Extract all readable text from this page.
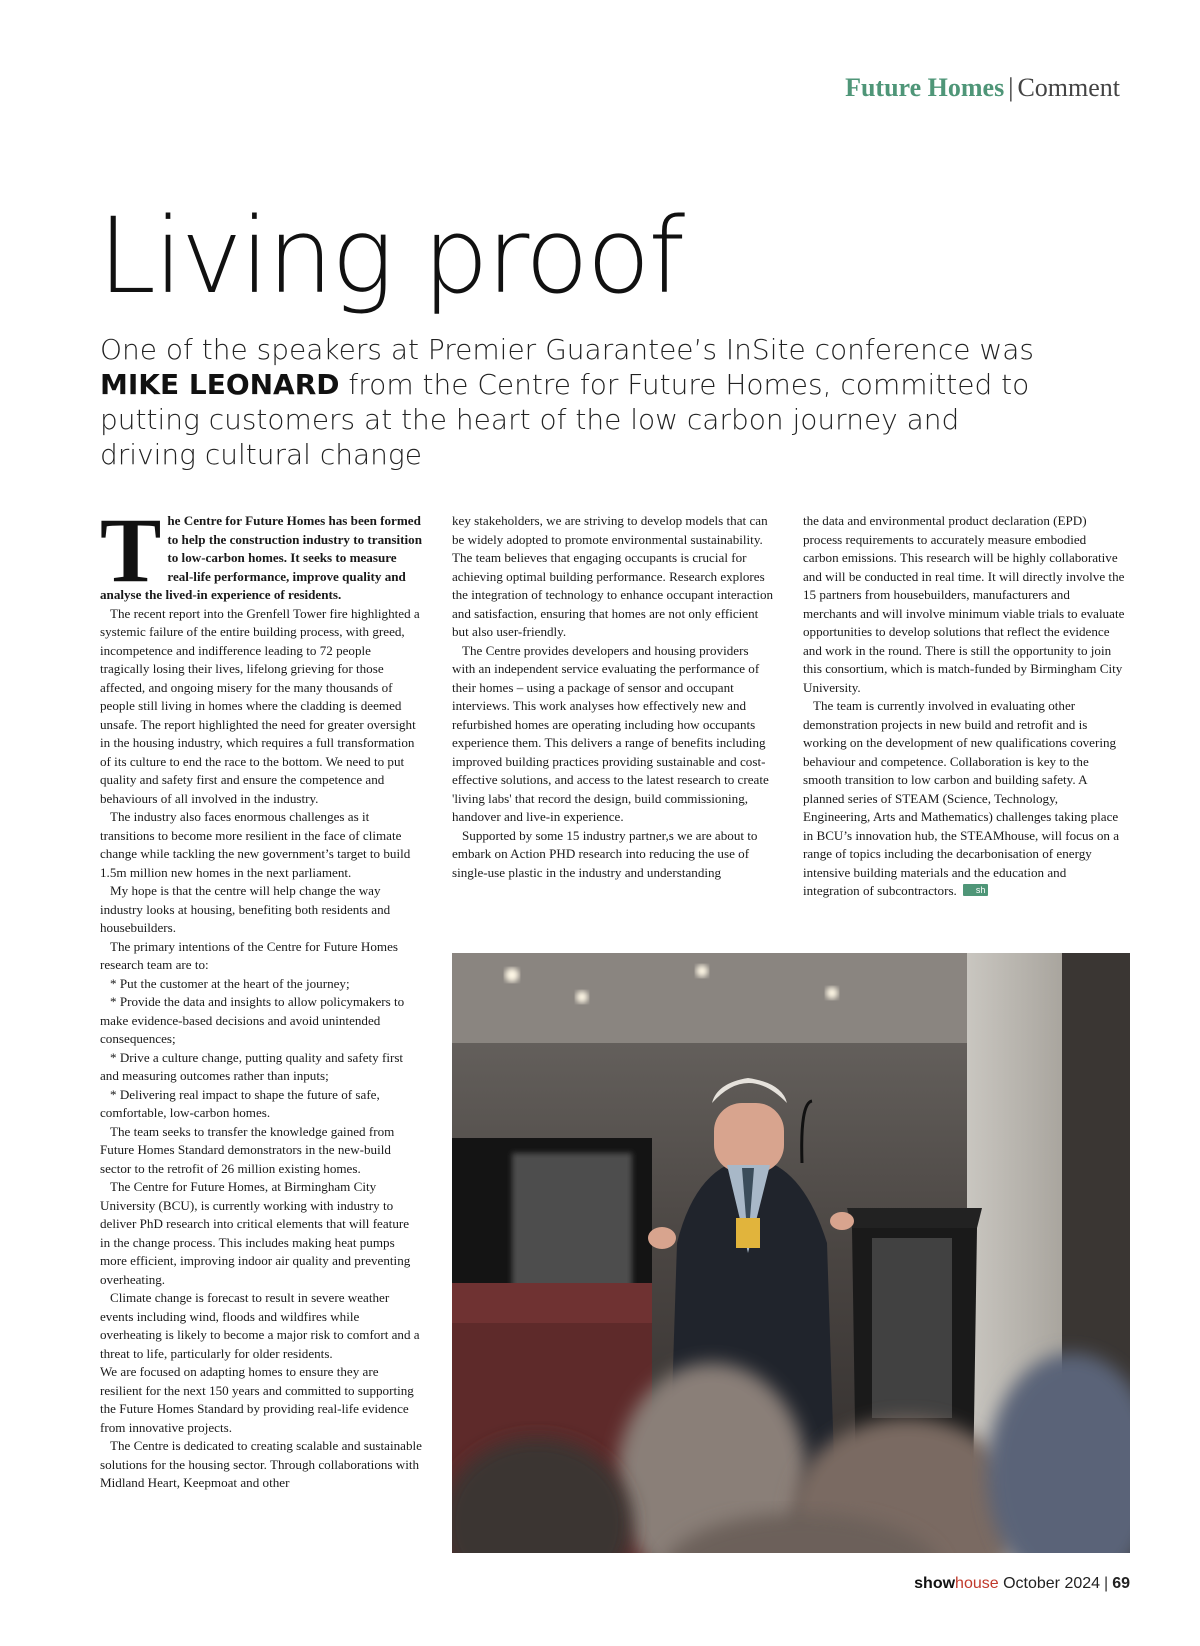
Future Homes | Comment
Living proof

One of the speakers at Premier Guarantee’s InSite conference was MIKE LEONARD from the Centre for Future Homes, committed to putting customers at the heart of the low carbon journey and driving cultural change

The Centre for Future Homes has been formed to help the construction industry to transition to low-carbon homes. It seeks to measure real-life performance, improve quality and analyse the lived-in experience of residents.

The recent report into the Grenfell Tower fire highlighted a systemic failure of the entire building process, with greed, incompetence and indifference leading to 72 people tragically losing their lives, lifelong grieving for those affected, and ongoing misery for the many thousands of people still living in homes where the cladding is deemed unsafe. The report highlighted the need for greater oversight in the housing industry, which requires a full transformation of its culture to end the race to the bottom. We need to put quality and safety first and ensure the competence and behaviours of all involved in the industry.

The industry also faces enormous challenges as it transitions to become more resilient in the face of climate change while tackling the new government’s target to build 1.5m million new homes in the next parliament.

My hope is that the centre will help change the way industry looks at housing, benefiting both residents and housebuilders.

The primary intentions of the Centre for Future Homes research team are to:

* Put the customer at the heart of the journey;

* Provide the data and insights to allow policymakers to make evidence-based decisions and avoid unintended consequences;

* Drive a culture change, putting quality and safety first and measuring outcomes rather than inputs;

* Delivering real impact to shape the future of safe, comfortable, low-carbon homes.

The team seeks to transfer the knowledge gained from Future Homes Standard demonstrators in the new-build sector to the retrofit of 26 million existing homes.

The Centre for Future Homes, at Birmingham City University (BCU), is currently working with industry to deliver PhD research into critical elements that will feature in the change process. This includes making heat pumps more efficient, improving indoor air quality and preventing overheating.

Climate change is forecast to result in severe weather events including wind, floods and wildfires while overheating is likely to become a major risk to comfort and a threat to life, particularly for older residents.

We are focused on adapting homes to ensure they are resilient for the next 150 years and committed to supporting the Future Homes Standard by providing real-life evidence from innovative projects.

The Centre is dedicated to creating scalable and sustainable solutions for the housing sector. Through collaborations with Midland Heart, Keepmoat and other

key stakeholders, we are striving to develop models that can be widely adopted to promote environmental sustainability. The team believes that engaging occupants is crucial for achieving optimal building performance. Research explores the integration of technology to enhance occupant interaction and satisfaction, ensuring that homes are not only efficient but also user-friendly.

The Centre provides developers and housing providers with an independent service evaluating the performance of their homes – using a package of sensor and occupant interviews. This work analyses how effectively new and refurbished homes are operating including how occupants experience them. This delivers a range of benefits including improved building practices providing sustainable and cost-effective solutions, and access to the latest research to create 'living labs' that record the design, build commissioning, handover and live-in experience.

Supported by some 15 industry partner,s we are about to embark on Action PHD research into reducing the use of single-use plastic in the industry and understanding

the data and environmental product declaration (EPD) process requirements to accurately measure embodied carbon emissions. This research will be highly collaborative and will be conducted in real time. It will directly involve the 15 partners from housebuilders, manufacturers and merchants and will involve minimum viable trials to evaluate opportunities to develop solutions that reflect the evidence and work in the round. There is still the opportunity to join this consortium, which is match-funded by Birmingham City University.

The team is currently involved in evaluating other demonstration projects in new build and retrofit and is working on the development of new qualifications covering behaviour and competence. Collaboration is key to the smooth transition to low carbon and building safety. A planned series of STEAM (Science, Technology, Engineering, Arts and Mathematics) challenges taking place in BCU’s innovation hub, the STEAMhouse, will focus on a range of topics including the decarbonisation of energy intensive building materials and the education and integration of subcontractors. sh

showhouse October 2024 | 69
